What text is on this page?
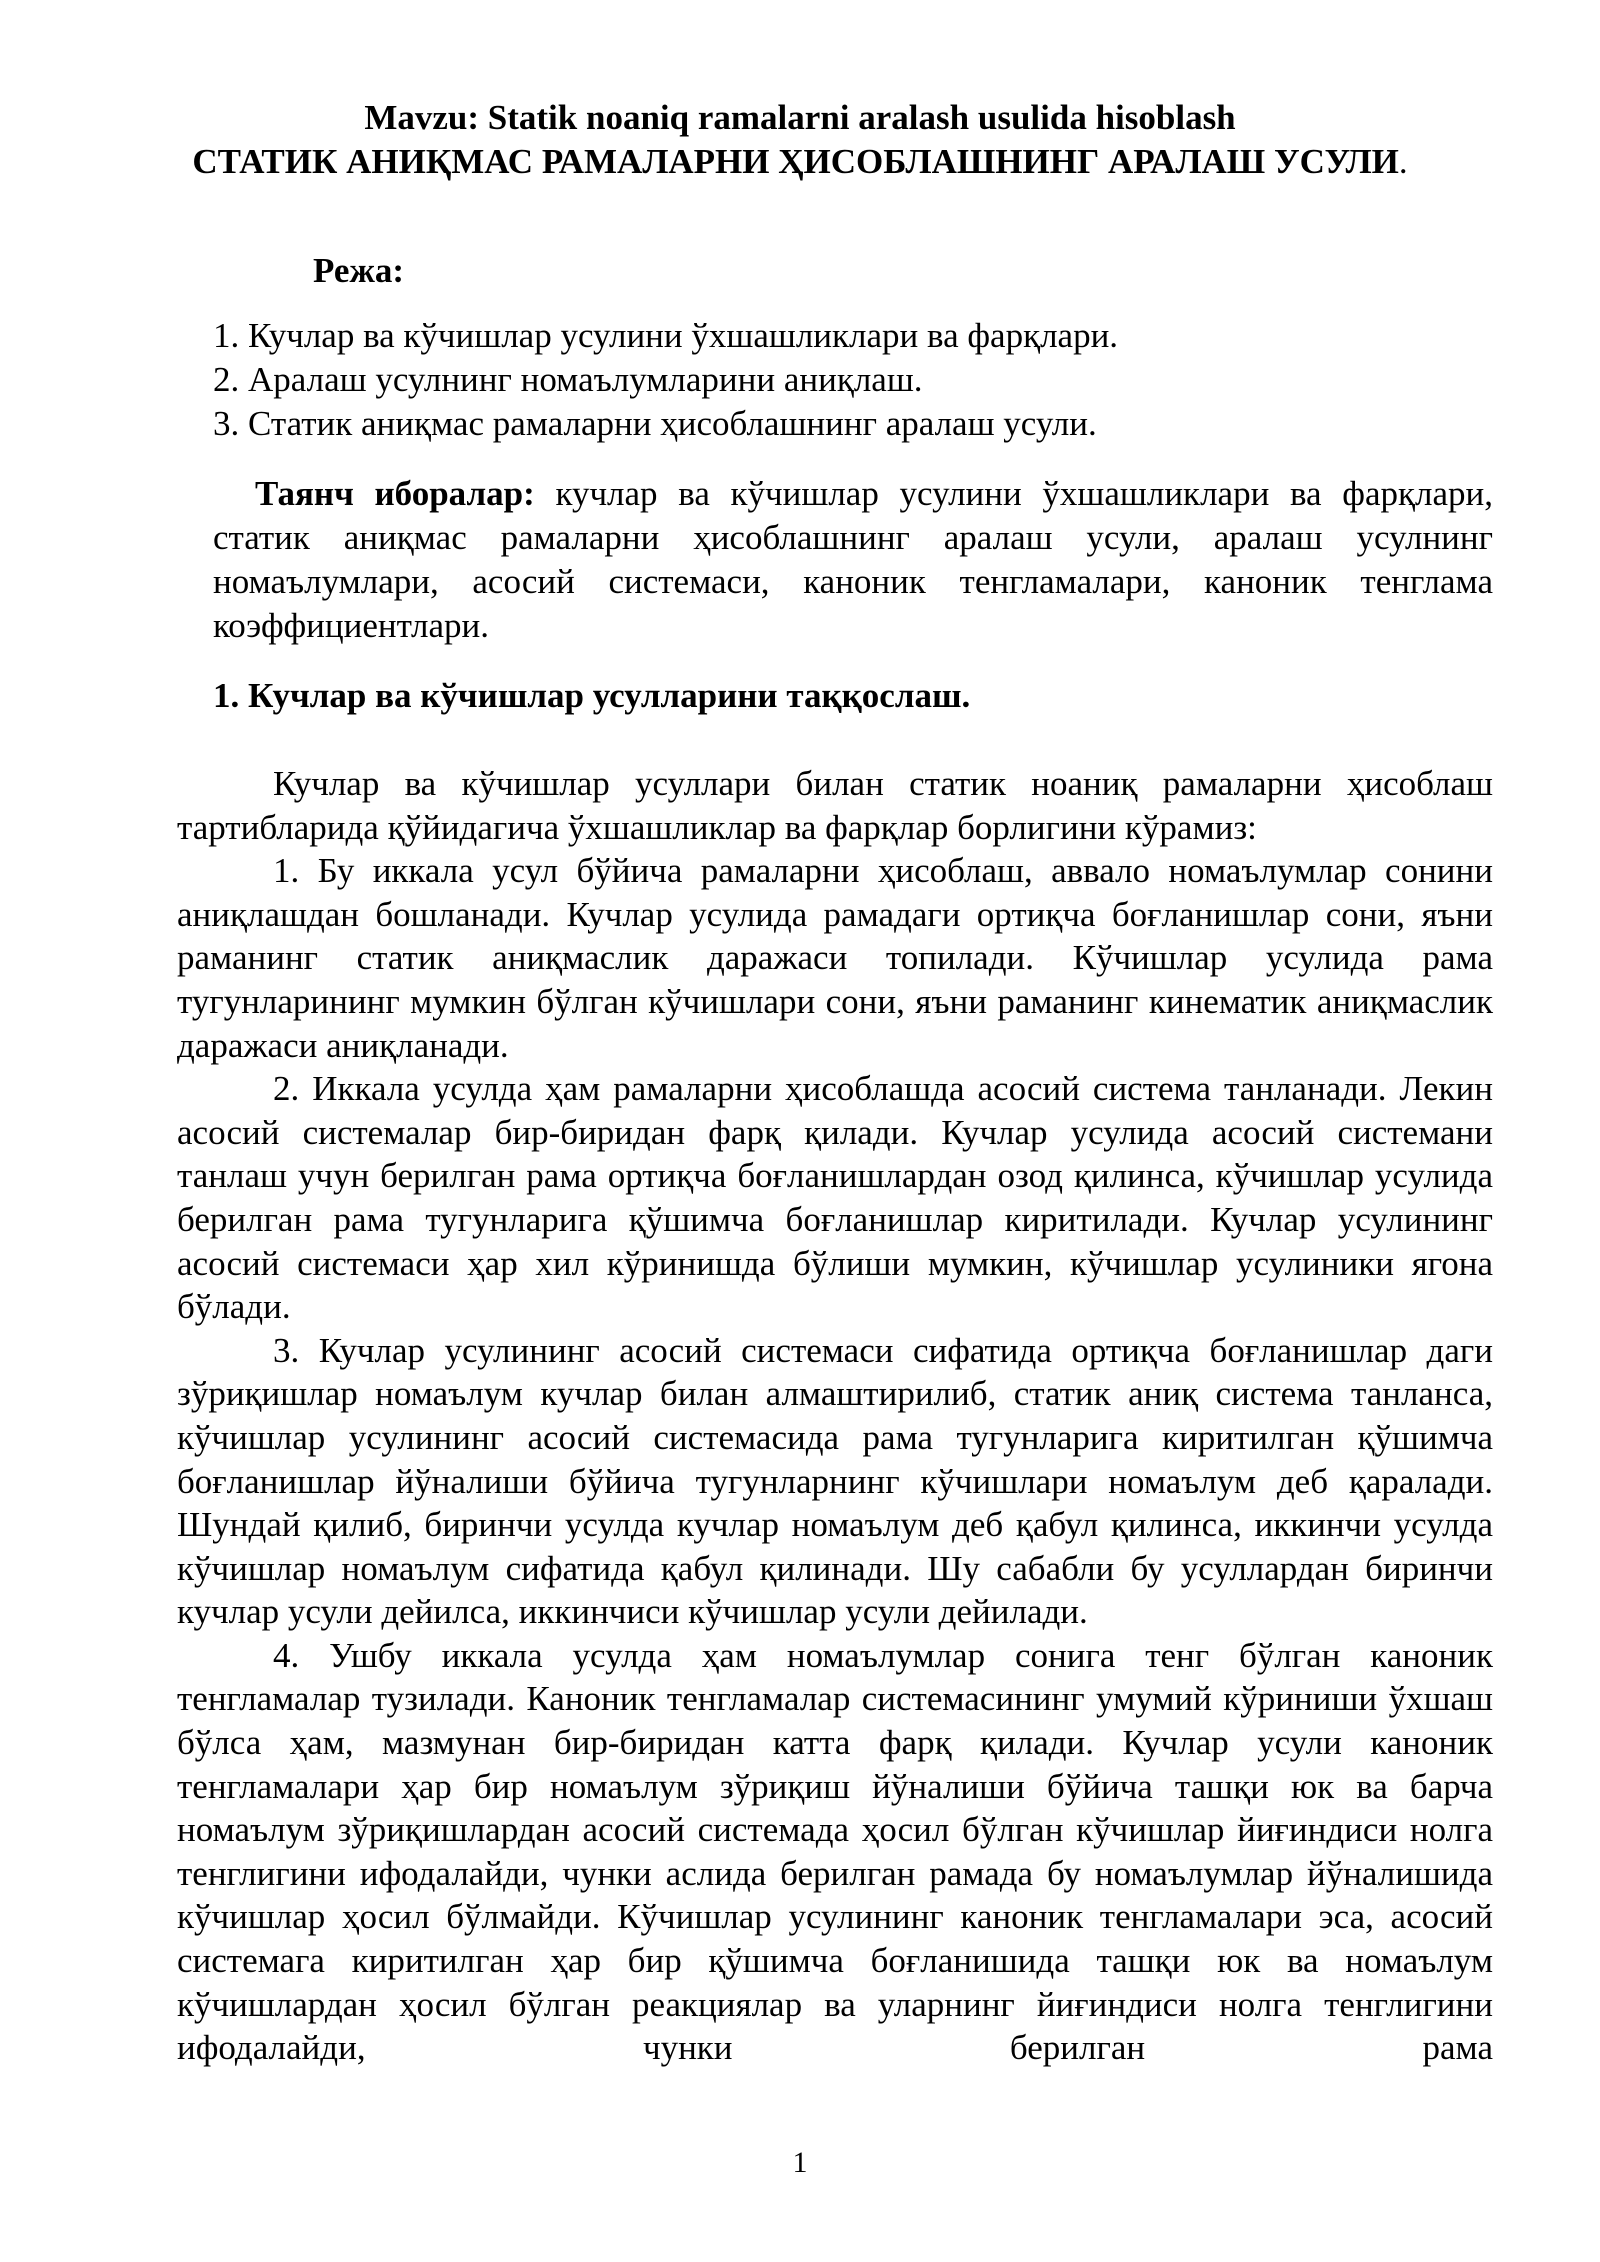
Mavzu: Statik noaniq ramalarni aralash usulida hisoblash
СТАТИК АНИҚМАС РАМАЛАРНИ ҲИСОБЛАШНИНГ АРАЛАШ УСУЛИ.
Режа:
1. Кучлар ва кўчишлар усулини ўхшашликлари ва фарқлари.
2. Аралаш усулнинг номаълумларини аниқлаш.
3. Статик аниқмас рамаларни ҳисоблашнинг аралаш усули.

Таянч иборалар: кучлар ва кўчишлар усулини ўхшашликлари ва фарқлари, статик аниқмас рамаларни ҳисоблашнинг аралаш усули, аралаш усулнинг номаълумлари, асосий системаси, каноник тенгламалари, каноник тенглама коэффициентлари.

1. Кучлар ва кўчишлар усулларини таққослаш.

Кучлар ва кўчишлар усуллари билан статик ноаниқ рамаларни ҳисоблаш тартибларида қўйидагича ўхшашликлар ва фарқлар борлигини кўрамиз:

1. Бу иккала усул бўйича рамаларни ҳисоблаш, аввало номаълумлар сонини аниқлашдан бошланади. Кучлар усулида рамадаги ортиқча боғланишлар сони, яъни раманинг статик аниқмаслик даражаси топилади. Кўчишлар усулида рама тугунларининг мумкин бўлган кўчишлари сони, яъни раманинг кинематик аниқмаслик даражаси аниқланади.

2. Иккала усулда ҳам рамаларни ҳисоблашда асосий система танланади. Лекин асосий системалар бир-биридан фарқ қилади. Кучлар усулида асосий системани танлаш учун берилган рама ортиқча боғланишлардан озод қилинса, кўчишлар усулида берилган рама тугунларига қўшимча боғланишлар киритилади. Кучлар усулининг асосий системаси ҳар хил кўринишда бўлиши мумкин, кўчишлар усулиники ягона бўлади.

3. Кучлар усулининг асосий системаси сифатида ортиқча боғланишлар даги зўриқишлар номаълум кучлар билан алмаштирилиб, статик аниқ система танланса, кўчишлар усулининг асосий системасида рама тугунларига киритилган қўшимча боғланишлар йўналиши бўйича тугунларнинг кўчишлари номаълум деб қаралади. Шундай қилиб, биринчи усулда кучлар номаълум деб қабул қилинса, иккинчи усулда кўчишлар номаълум сифатида қабул қилинади. Шу сабабли бу усуллардан биринчи кучлар усули дейилса, иккинчиси кўчишлар усули дейилади.

4. Ушбу иккала усулда ҳам номаълумлар сонига тенг бўлган каноник тенгламалар тузилади. Каноник тенгламалар системасининг умумий кўриниши ўхшаш бўлса ҳам, мазмунан бир-биридан катта фарқ қилади. Кучлар усули каноник тенгламалари ҳар бир номаълум зўриқиш йўналиши бўйича ташқи юк ва барча номаълум зўриқишлардан асосий системада ҳосил бўлган кўчишлар йиғиндиси нолга тенглигини ифодалайди, чунки аслида берилган рамада бу номаълумлар йўналишида кўчишлар ҳосил бўлмайди. Кўчишлар усулининг каноник тенгламалари эса, асосий системага киритилган ҳар бир қўшимча боғланишида ташқи юк ва номаълум кўчишлардан ҳосил бўлган реакциялар ва уларнинг йиғиндиси нолга тенглигини ифодалайди, чунки берилган рама

1
